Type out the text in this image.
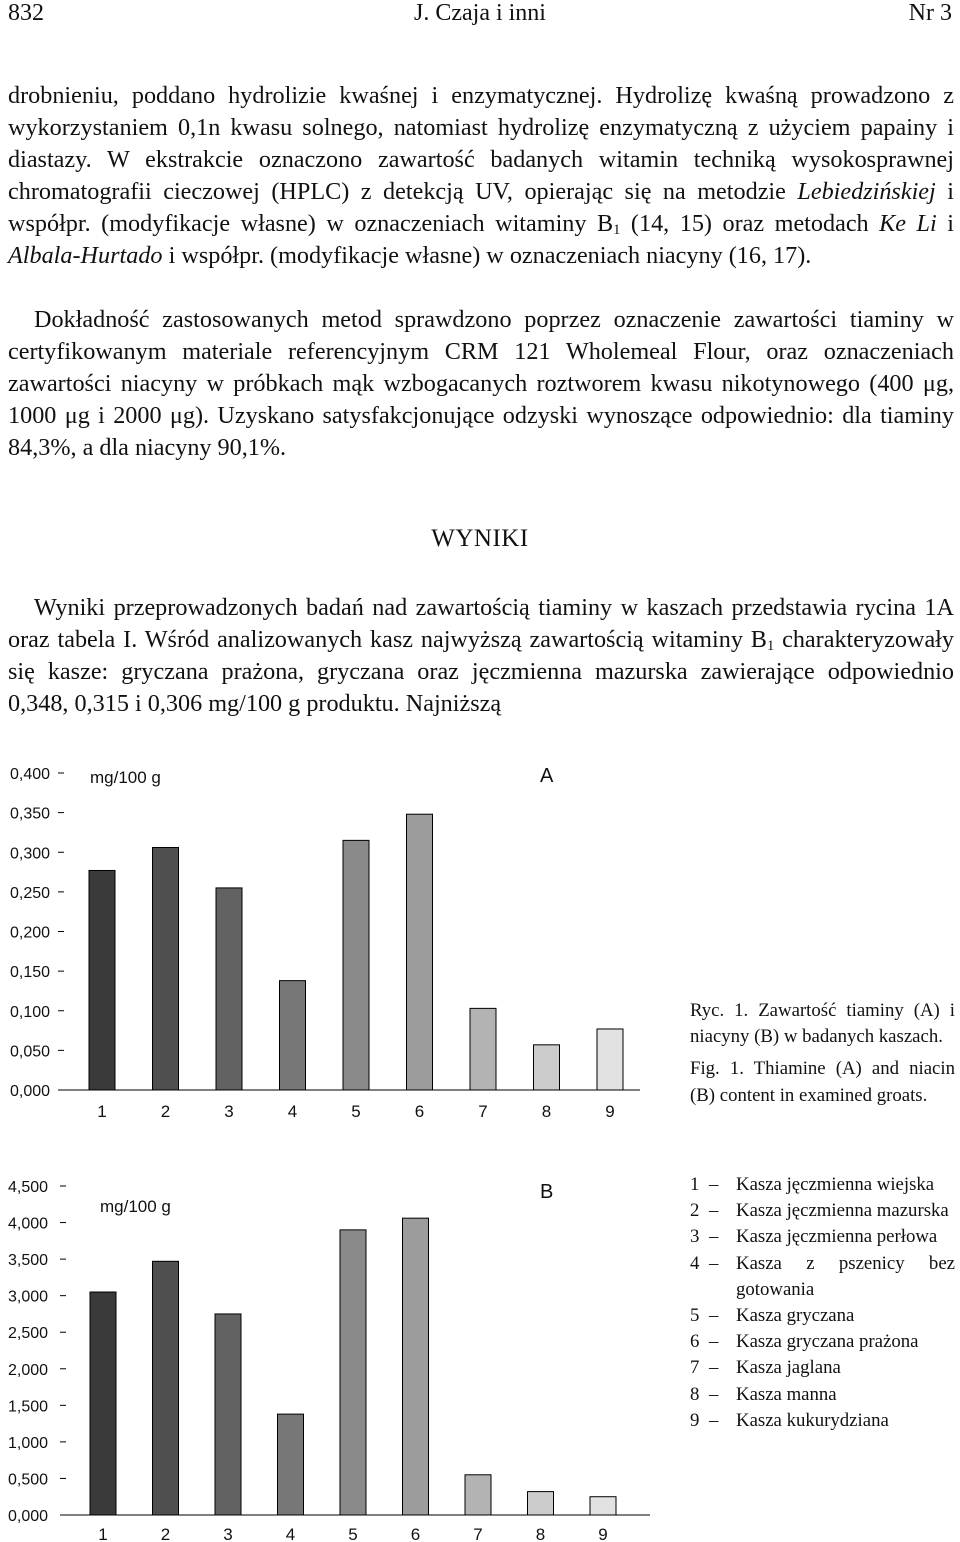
832	J. Czaja i inni	Nr 3
drobnieniu, poddano hydrolizie kwaśnej i enzymatycznej. Hydrolizę kwaśną prowadzono z wykorzystaniem 0,1n kwasu solnego, natomiast hydrolizę enzymatyczną z użyciem papainy i diastazy. W ekstrakcie oznaczono zawartość badanych witamin techniką wysokosprawnej chromatografii cieczowej (HPLC) z detekcją UV, opierając się na metodzie Lebiedzińskiej i współpr. (modyfikacje własne) w oznaczeniach witaminy $B_1$ (14, 15) oraz metodach Ke Li i Albala-Hurtado i współpr. (modyfikacje własne) w oznaczeniach niacyny (16, 17).
Dokładność zastosowanych metod sprawdzono poprzez oznaczenie zawartości tiaminy w certyfikowanym materiale referencyjnym CRM 121 Wholemeal Flour, oraz oznaczeniach zawartości niacyny w próbkach mąk wzbogacanych roztworem kwasu nikotynowego (400 μg, 1000 μg i 2000 μg). Uzyskano satysfakcjonujące odzyski wynoszące odpowiednio: dla tiaminy 84,3%, a dla niacyny 90,1%.
WYNIKI
Wyniki przeprowadzonych badań nad zawartością tiaminy w kaszach przedstawia rycina 1A oraz tabela I. Wśród analizowanych kasz najwyższą zawartością witaminy $B_1$ charakteryzowały się kasze: gryczana prażona, gryczana oraz jęczmienna mazurska zawierające odpowiednio 0,348, 0,315 i 0,306 mg/100 g produktu. Najniższą
0,000
0,050
0,100
0,150
0,200
0,250
0,300
0,350
0,400
1	2	3	4	5	6	7	8	9
mg/100 g	A
0,000
0,500
1,000
1,500
2,000
2,500
3,000
3,500
4,000
4,500
1	2	3	4	5	6	7	8	9
mg/100 g
B

Ryc. 1. Zawartość tiaminy (A) i niacyny (B) w badanych kaszach.

Fig. 1. Thiamine (A) and niacin (B) content in examined groats.

1 – Kasza jęczmienna wiejska
2 – Kasza jęczmienna mazurska
3 – Kasza jęczmienna perłowa
4 – Kasza z pszenicy bez gotowania
5 – Kasza gryczana
6 – Kasza gryczana prażona
7 – Kasza jaglana
8 – Kasza manna
9 – Kasza kukurydziana
